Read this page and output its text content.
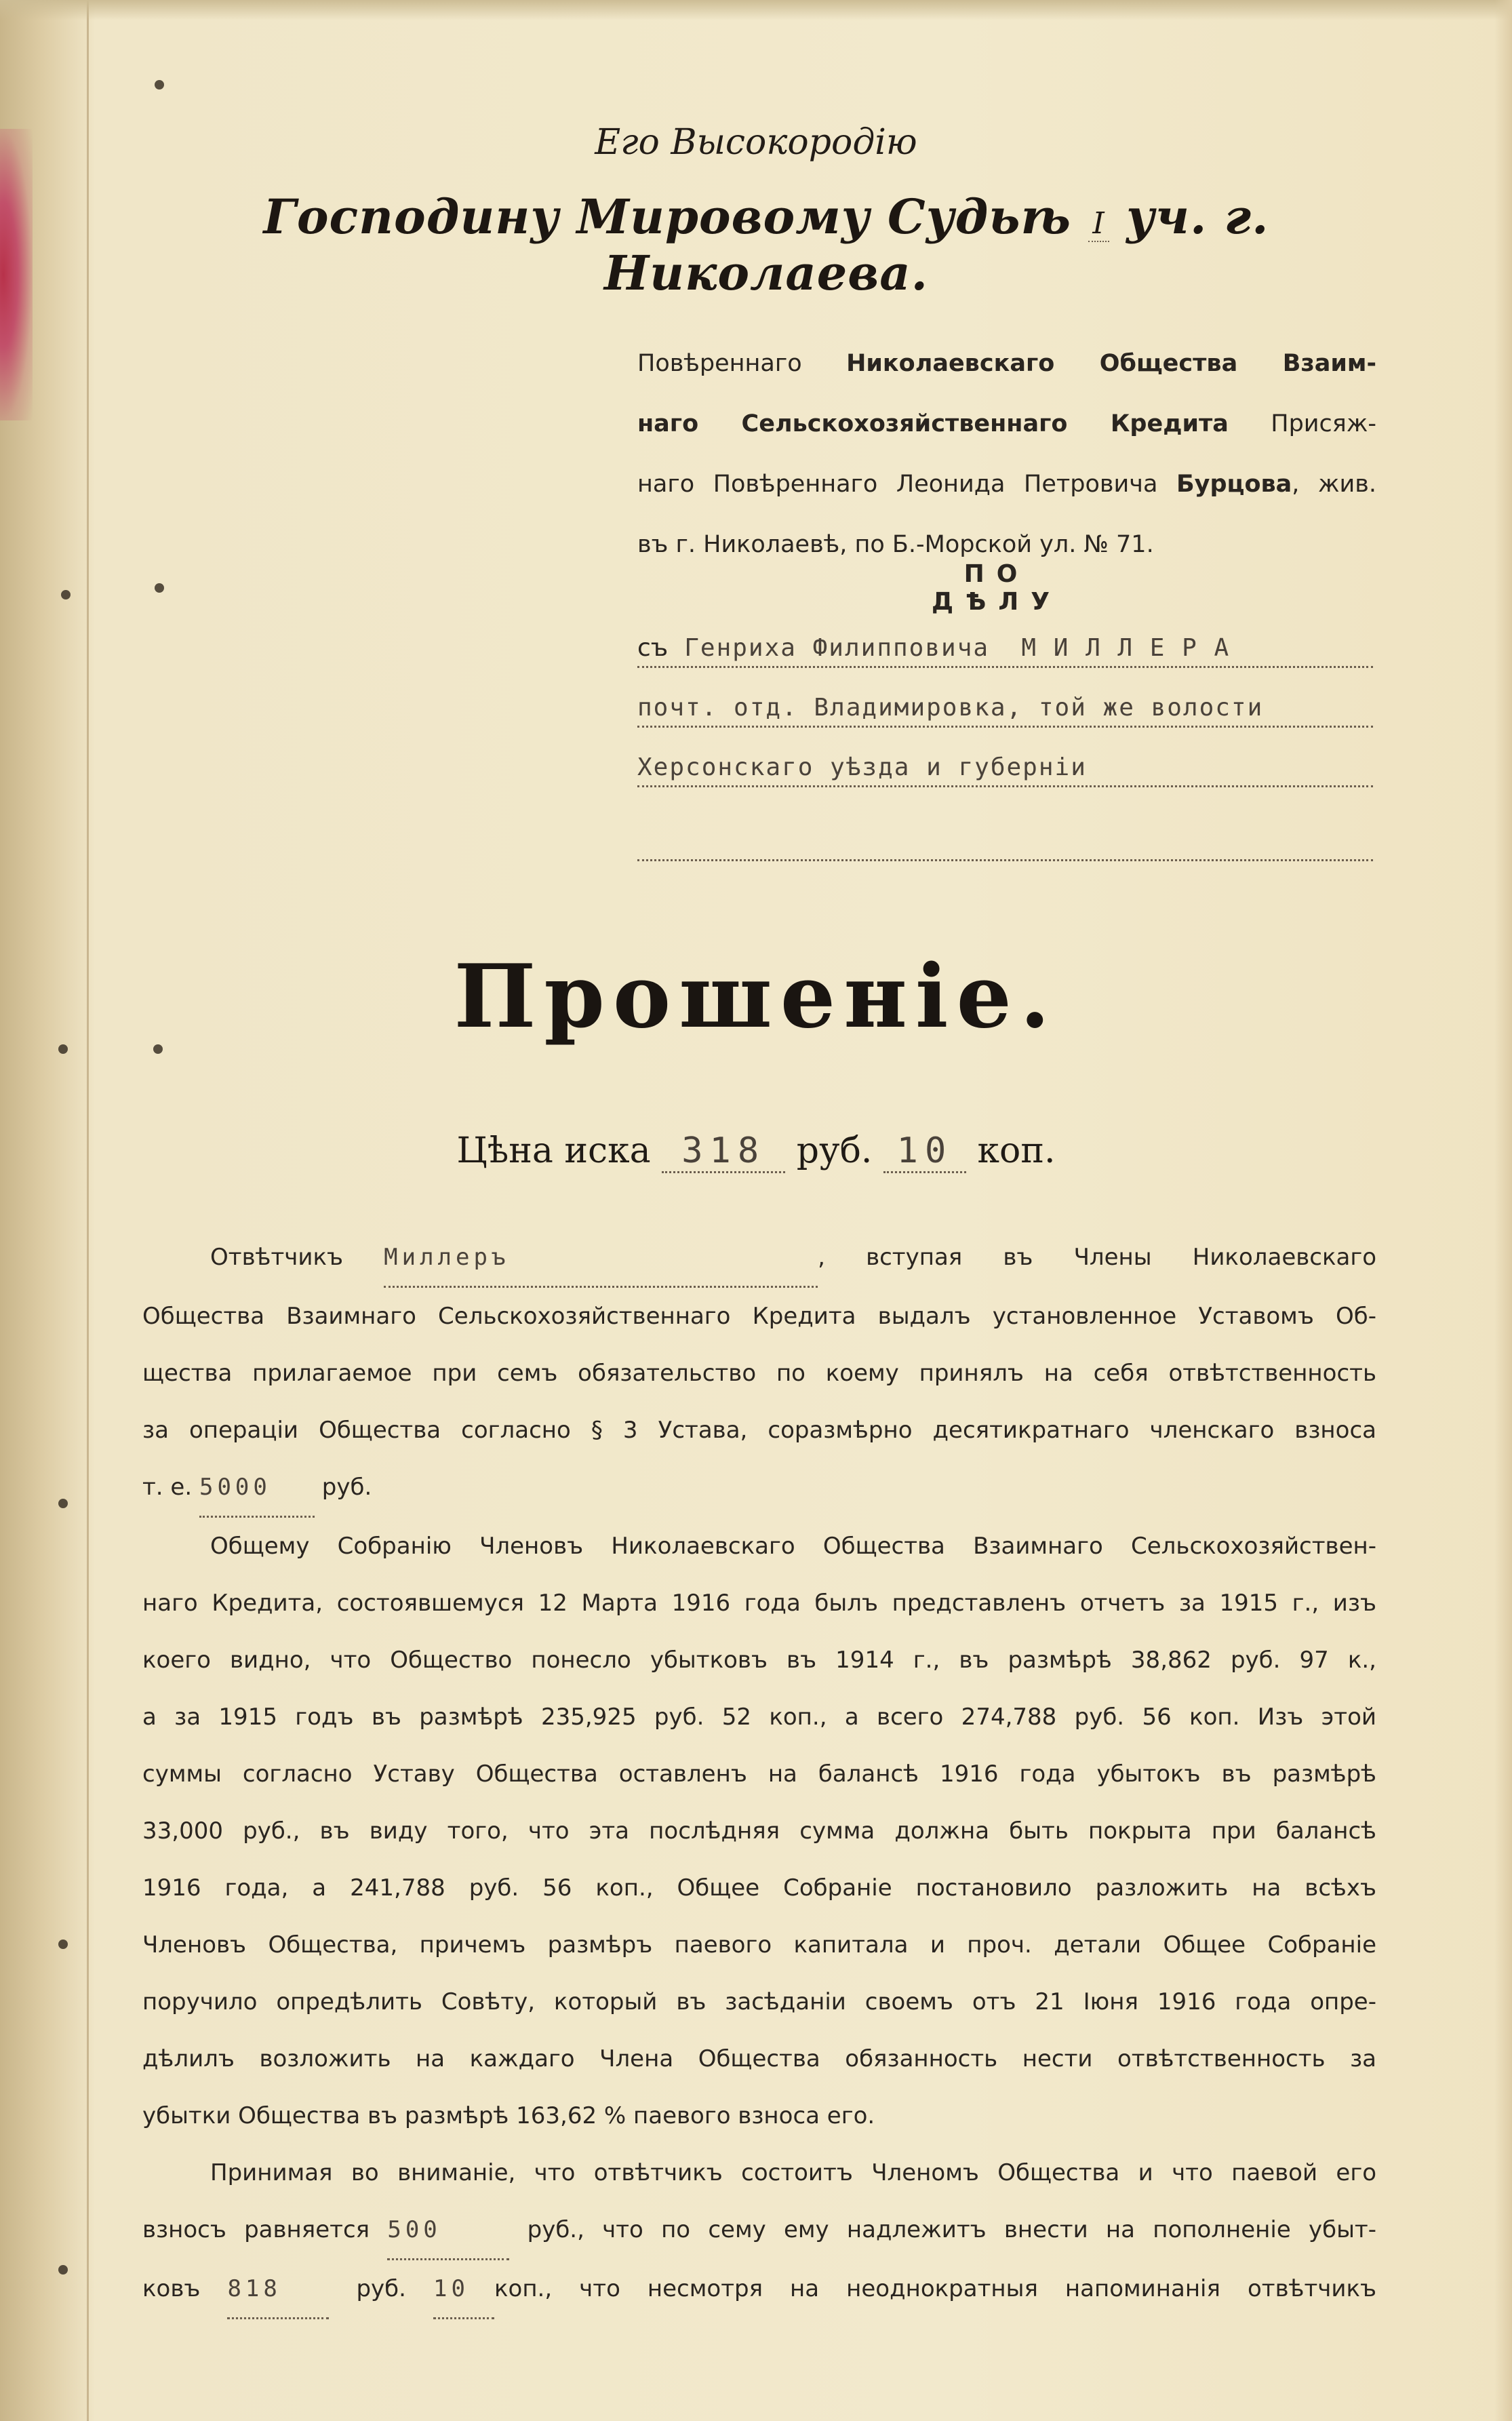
Его Высокородію
Господину Мировому Судьѣ I уч. г. Николаева.
Повѣреннаго Николаевскаго Общества Взаим-
наго Сельскохозяйственнаго Кредита Присяж-
наго Повѣреннаго Леонида Петровича Бурцова, жив.
въ г. Николаевѣ, по Б.-Морской ул. № 71.
ПО ДѢЛУ
съ Генриха Филипповича  М И Л Л Е Р А
почт. отд. Владимировка, той же волости
Херсонскаго уѣзда и губерніи
Прошеніе.
Цѣна иска 318 руб. 10 коп.

Отвѣтчикъ Миллеръ	, вступая въ Члены Николаевскаго

Общества Взаимнаго Сельскохозяйственнаго Кредита выдалъ установленное Уставомъ Об-

щества прилагаемое при семъ обязательство по коему принялъ на себя отвѣтственность

за операціи Общества согласно § 3 Устава, соразмѣрно десятикратнаго членскаго взноса

т. е. 5000 руб.

Общему Собранію Членовъ Николаевскаго Общества Взаимнаго Сельскохозяйствен-

наго Кредита, состоявшемуся 12 Марта 1916 года былъ представленъ отчетъ за 1915 г., изъ

коего видно, что Общество понесло убытковъ въ 1914 г., въ размѣрѣ 38,862 руб. 97 к.,

а за 1915 годъ въ размѣрѣ 235,925 руб. 52 коп., а всего 274,788 руб. 56 коп. Изъ этой

суммы согласно Уставу Общества оставленъ на балансѣ 1916 года убытокъ въ размѣрѣ

33,000 руб., въ виду того, что эта послѣдняя сумма должна быть покрыта при балансѣ

1916 года, а 241,788 руб. 56 коп., Общее Собраніе постановило разложить на всѣхъ

Членовъ Общества, причемъ размѣръ паевого капитала и проч. детали Общее Собраніе

поручило опредѣлить Совѣту, который въ засѣданіи своемъ отъ 21 Іюня 1916 года опре-

дѣлилъ возложить на каждаго Члена Общества обязанность нести отвѣтственность за

убытки Общества въ размѣрѣ 163,62 % паевого взноса его.

Принимая во вниманіе, что отвѣтчикъ состоитъ Членомъ Общества и что паевой его

взносъ равняется 500	руб., что по сему ему надлежитъ внести на пополненіе убыт-

ковъ 818	руб. 10 коп., что несмотря на неоднократныя напоминанія отвѣтчикъ
